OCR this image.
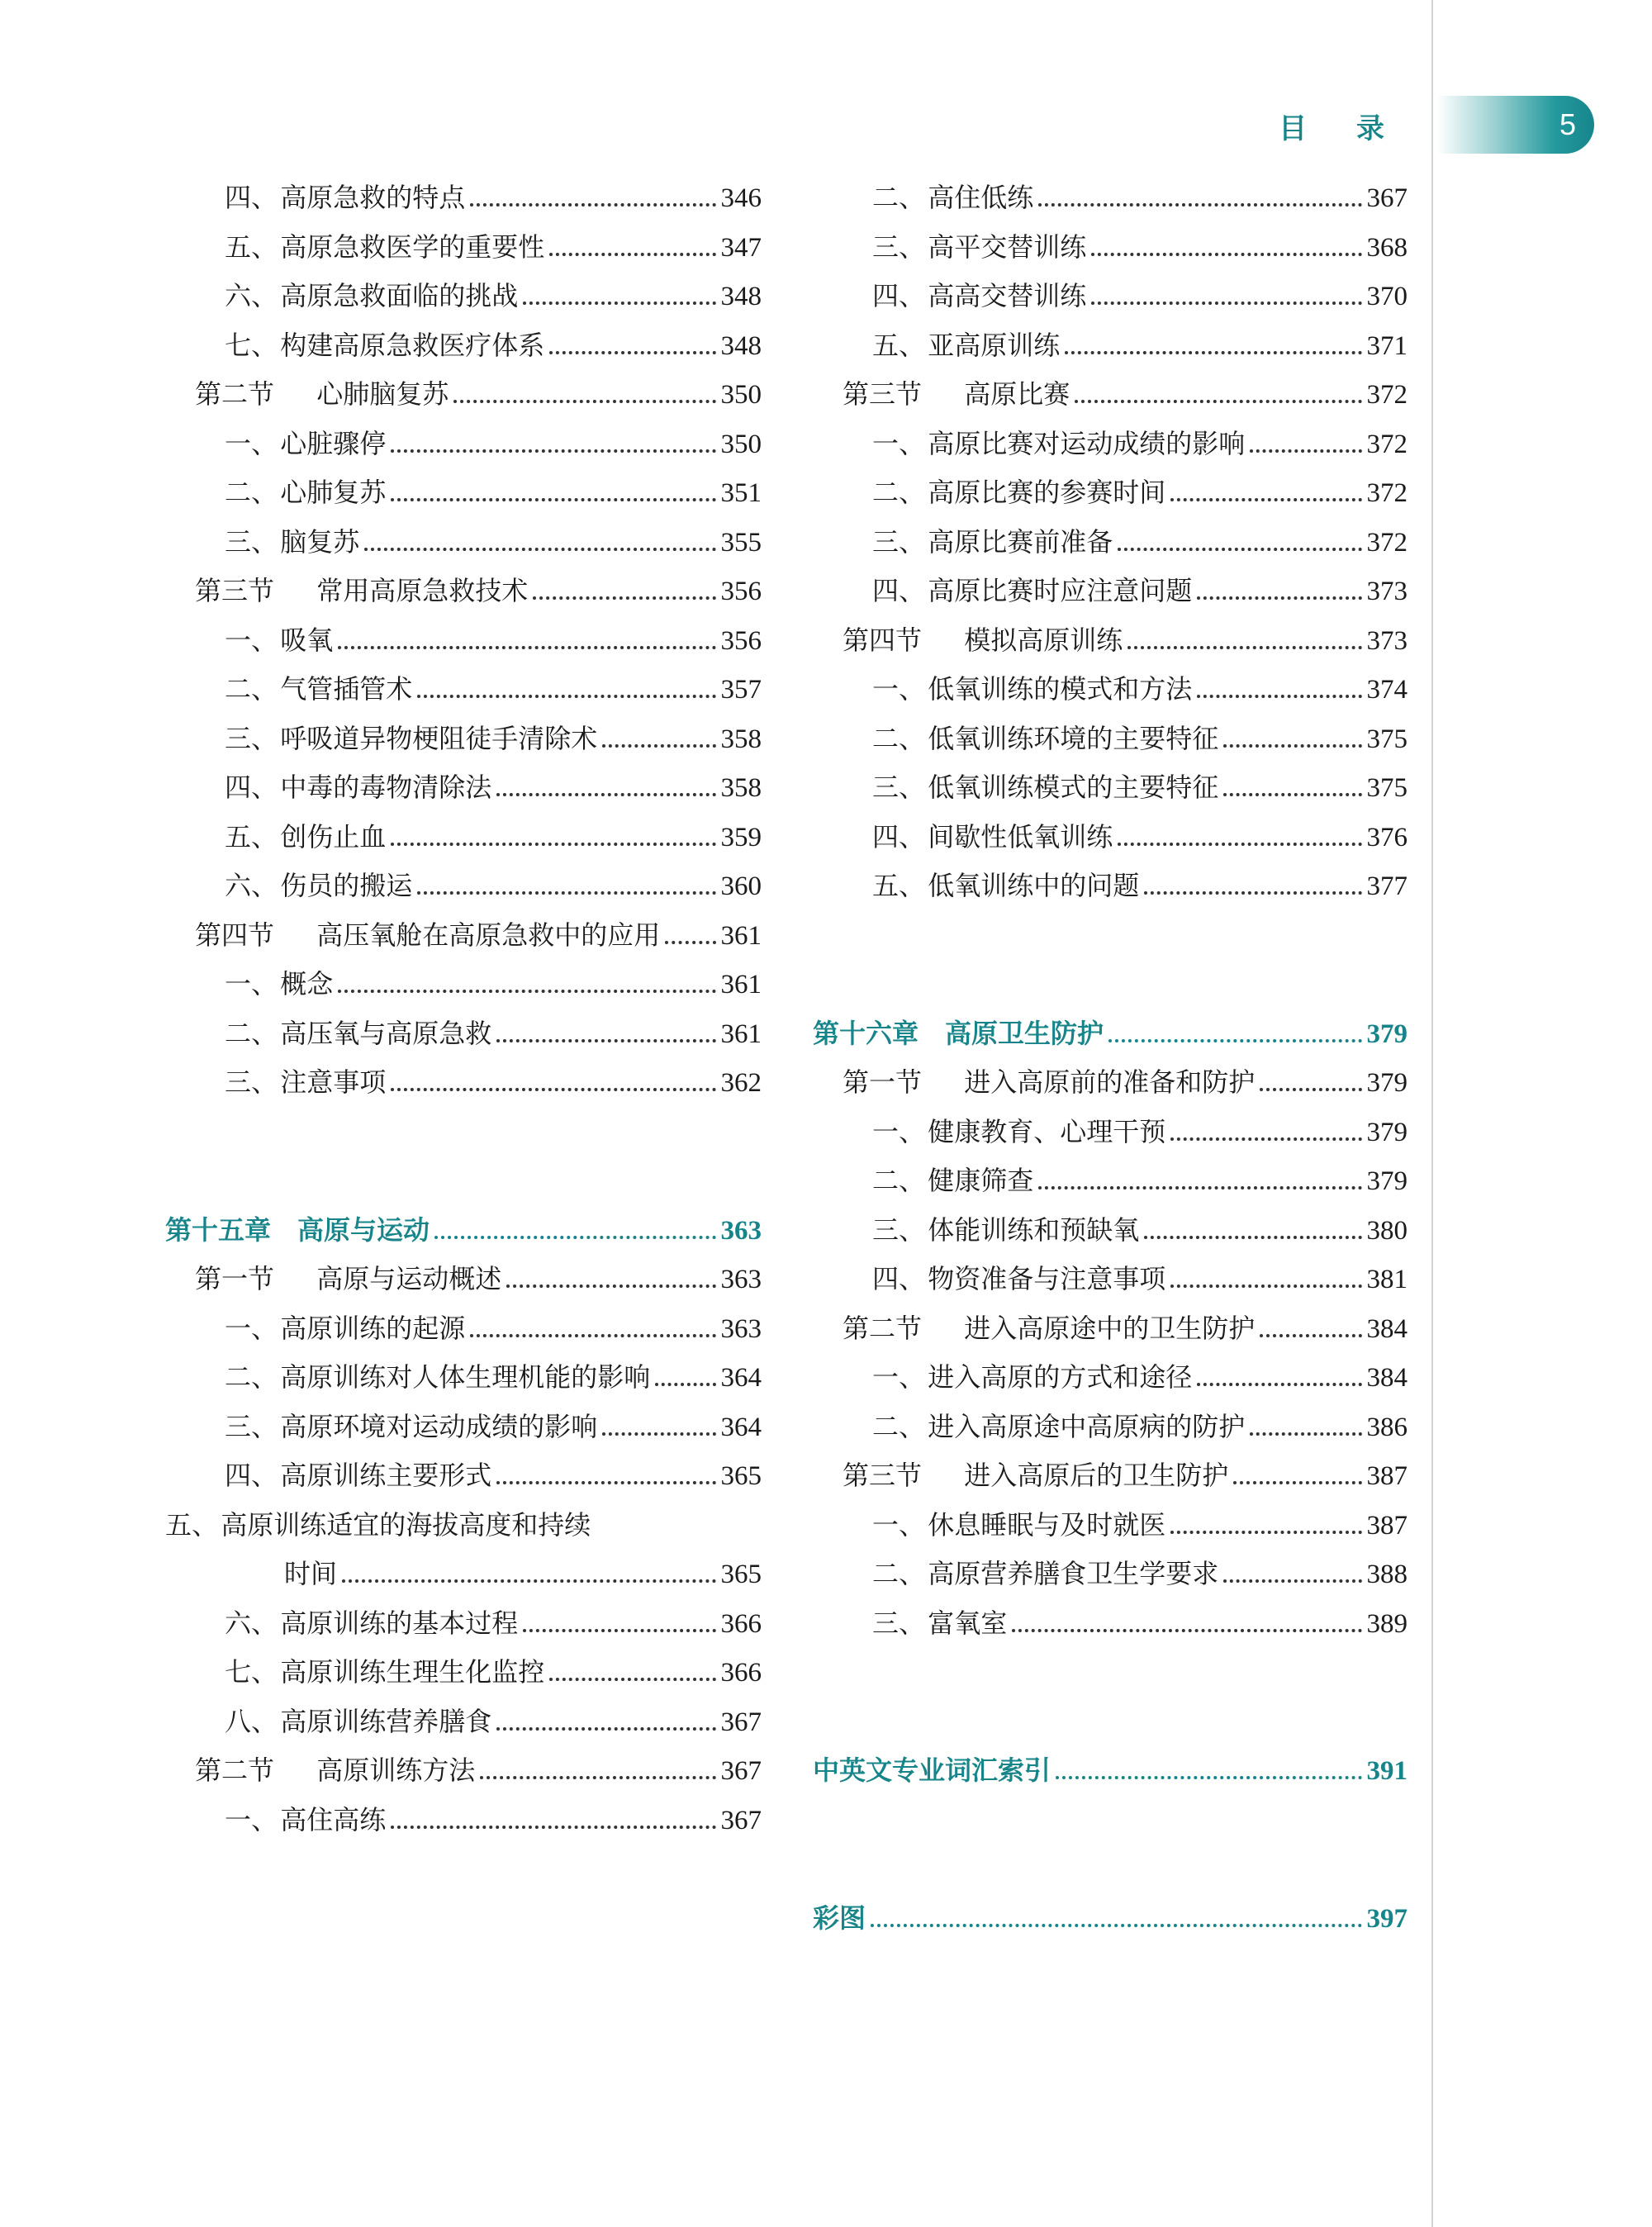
目 录	5
四、 高原急救的特点	346
五、 高原急救医学的重要性	347
六、 高原急救面临的挑战	348
七、 构建高原急救医疗体系	348
第二节	心肺脑复苏	350
一、 心脏骤停	350
二、 心肺复苏	351
三、 脑复苏	355
第三节	常用高原急救技术	356
一、 吸氧	356
二、 气管插管术	357
三、 呼吸道异物梗阻徒手清除术	358
四、 中毒的毒物清除法	358
五、 创伤止血	359
六、 伤员的搬运	360
第四节	高压氧舱在高原急救中的应用 361
一、 概念	361
二、 高压氧与高原急救	361
三、 注意事项	362
第十五章 高原与运动	363
第一节	高原与运动概述	363
一、 高原训练的起源	363
二、 高原训练对人体生理机能的影响	364
三、 高原环境对运动成绩的影响	364
四、 高原训练主要形式	365
五、 高原训练适宜的海拔高度和持续
时间	365
六、 高原训练的基本过程	366
七、 高原训练生理生化监控	366
八、 高原训练营养膳食	367
第二节	高原训练方法	367
一、 高住高练	367
二、 高住低练	367
三、 高平交替训练	368
四、 高高交替训练	370
五、 亚高原训练	371
第三节	高原比赛	372
一、 高原比赛对运动成绩的影响	372
二、 高原比赛的参赛时间	372
三、 高原比赛前准备	372
四、 高原比赛时应注意问题	373
第四节	模拟高原训练	373
一、 低氧训练的模式和方法	374
二、 低氧训练环境的主要特征	375
三、 低氧训练模式的主要特征	375
四、 间歇性低氧训练	376
五、 低氧训练中的问题	377
第十六章 高原卫生防护	379
第一节	进入高原前的准备和防护	379
一、 健康教育、心理干预	379
二、 健康筛查	379
三、 体能训练和预缺氧	380
四、 物资准备与注意事项	381
第二节	进入高原途中的卫生防护	384
一、 进入高原的方式和途径	384
二、 进入高原途中高原病的防护	386
第三节	进入高原后的卫生防护	387
一、 休息睡眠与及时就医	387
二、 高原营养膳食卫生学要求	388
三、 富氧室	389
中英文专业词汇索引	391
彩图	397
